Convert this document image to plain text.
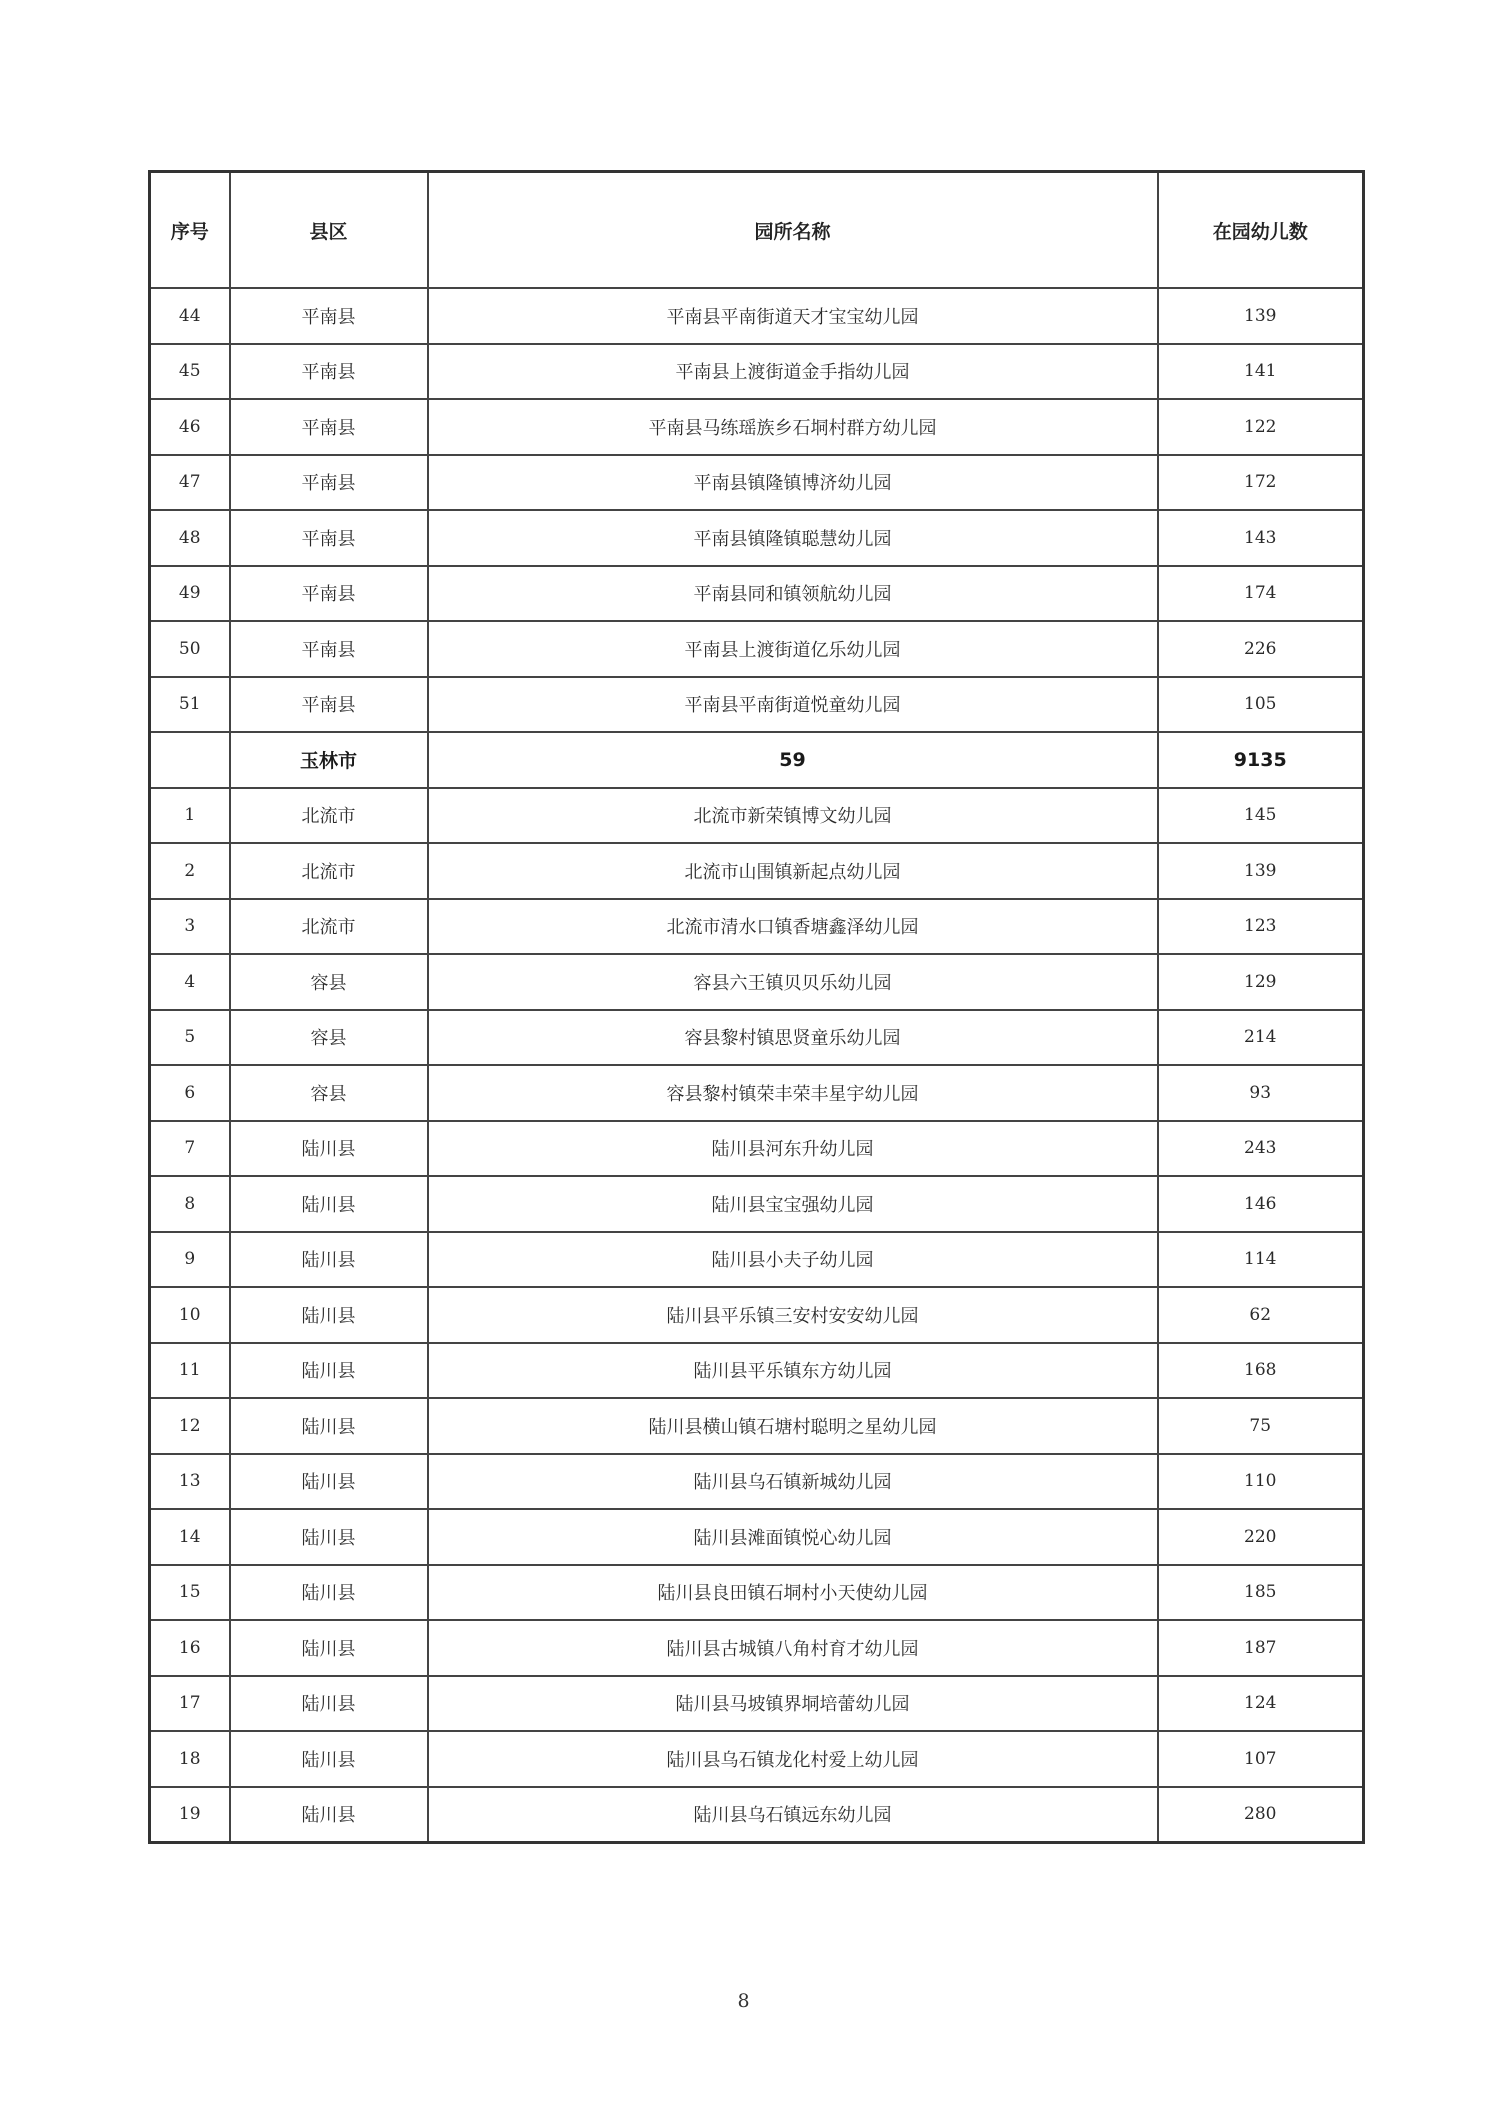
序号	县区	园所名称	在园幼儿数
44	平南县	平南县平南街道天才宝宝幼儿园	139
45	平南县	平南县上渡街道金手指幼儿园	141
46	平南县	平南县马练瑶族乡石垌村群方幼儿园	122
47	平南县	平南县镇隆镇博济幼儿园	172
48	平南县	平南县镇隆镇聪慧幼儿园	143
49	平南县	平南县同和镇领航幼儿园	174
50	平南县	平南县上渡街道亿乐幼儿园	226
51	平南县	平南县平南街道悦童幼儿园	105
	玉林市	59	9135
1	北流市	北流市新荣镇博文幼儿园	145
2	北流市	北流市山围镇新起点幼儿园	139
3	北流市	北流市清水口镇香塘鑫泽幼儿园	123
4	容县	容县六王镇贝贝乐幼儿园	129
5	容县	容县黎村镇思贤童乐幼儿园	214
6	容县	容县黎村镇荣丰荣丰星宇幼儿园	93
7	陆川县	陆川县河东升幼儿园	243
8	陆川县	陆川县宝宝强幼儿园	146
9	陆川县	陆川县小夫子幼儿园	114
10	陆川县	陆川县平乐镇三安村安安幼儿园	62
11	陆川县	陆川县平乐镇东方幼儿园	168
12	陆川县	陆川县横山镇石塘村聪明之星幼儿园	75
13	陆川县	陆川县乌石镇新城幼儿园	110
14	陆川县	陆川县滩面镇悦心幼儿园	220
15	陆川县	陆川县良田镇石垌村小天使幼儿园	185
16	陆川县	陆川县古城镇八角村育才幼儿园	187
17	陆川县	陆川县马坡镇界垌培蕾幼儿园	124
18	陆川县	陆川县乌石镇龙化村爱上幼儿园	107
19	陆川县	陆川县乌石镇远东幼儿园	280
8
